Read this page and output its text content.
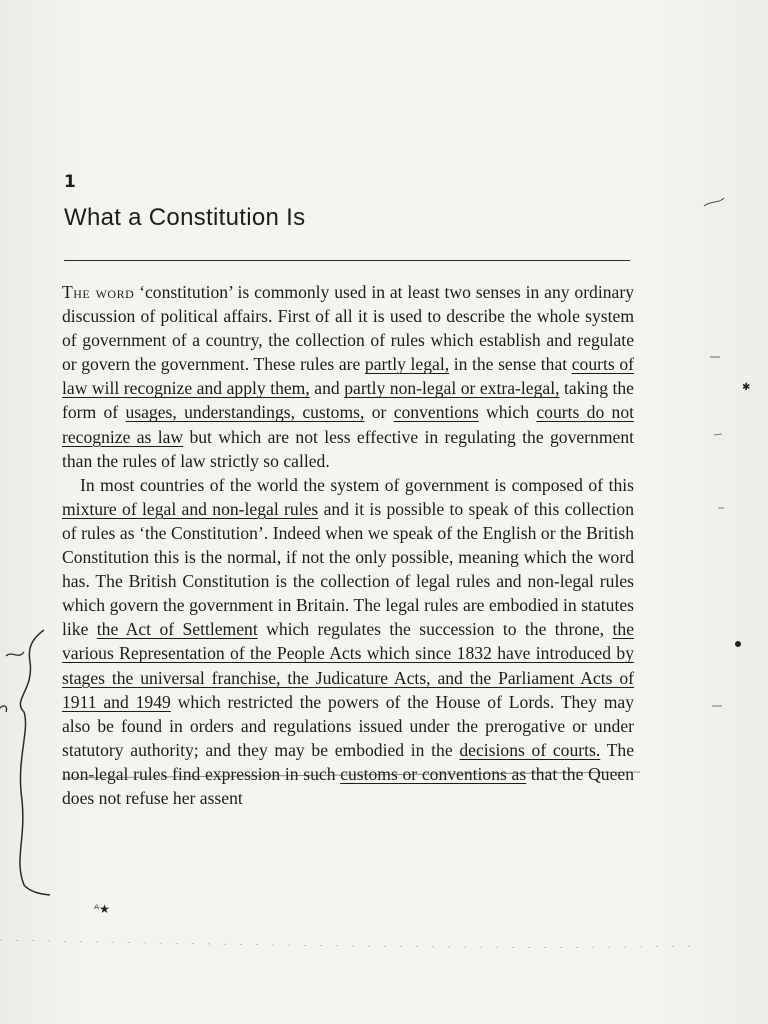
1
What a Constitution Is

The word ‘constitution’ is commonly used in at least two senses in any ordinary discussion of political affairs. First of all it is used to describe the whole system of government of a country, the collection of rules which establish and regulate or govern the government. These rules are partly legal, in the sense that courts of law will recognize and apply them, and partly non-legal or extra-legal, taking the form of usages, understandings, customs, or conventions which courts do not recognize as law but which are not less effective in regulating the government than the rules of law strictly so called.

In most countries of the world the system of government is composed of this mixture of legal and non-legal rules and it is possible to speak of this collection of rules as ‘the Constitution’. Indeed when we speak of the English or the British Constitution this is the normal, if not the only possible, meaning which the word has. The British Constitution is the collection of legal rules and non-legal rules which govern the government in Britain. The legal rules are embodied in statutes like the Act of Settlement which regulates the succession to the throne, the various Representation of the People Acts which since 1832 have introduced by stages the universal franchise, the Judicature Acts, and the Parliament Acts of 1911 and 1949 which restricted the powers of the House of Lords. They may also be found in orders and regulations issued under the prerogative or under statutory authority; and they may be embodied in the decisions of courts. The non-legal rules find expression in such customs or conventions as that the Queen does not refuse her assent

✱
ᴬ★
